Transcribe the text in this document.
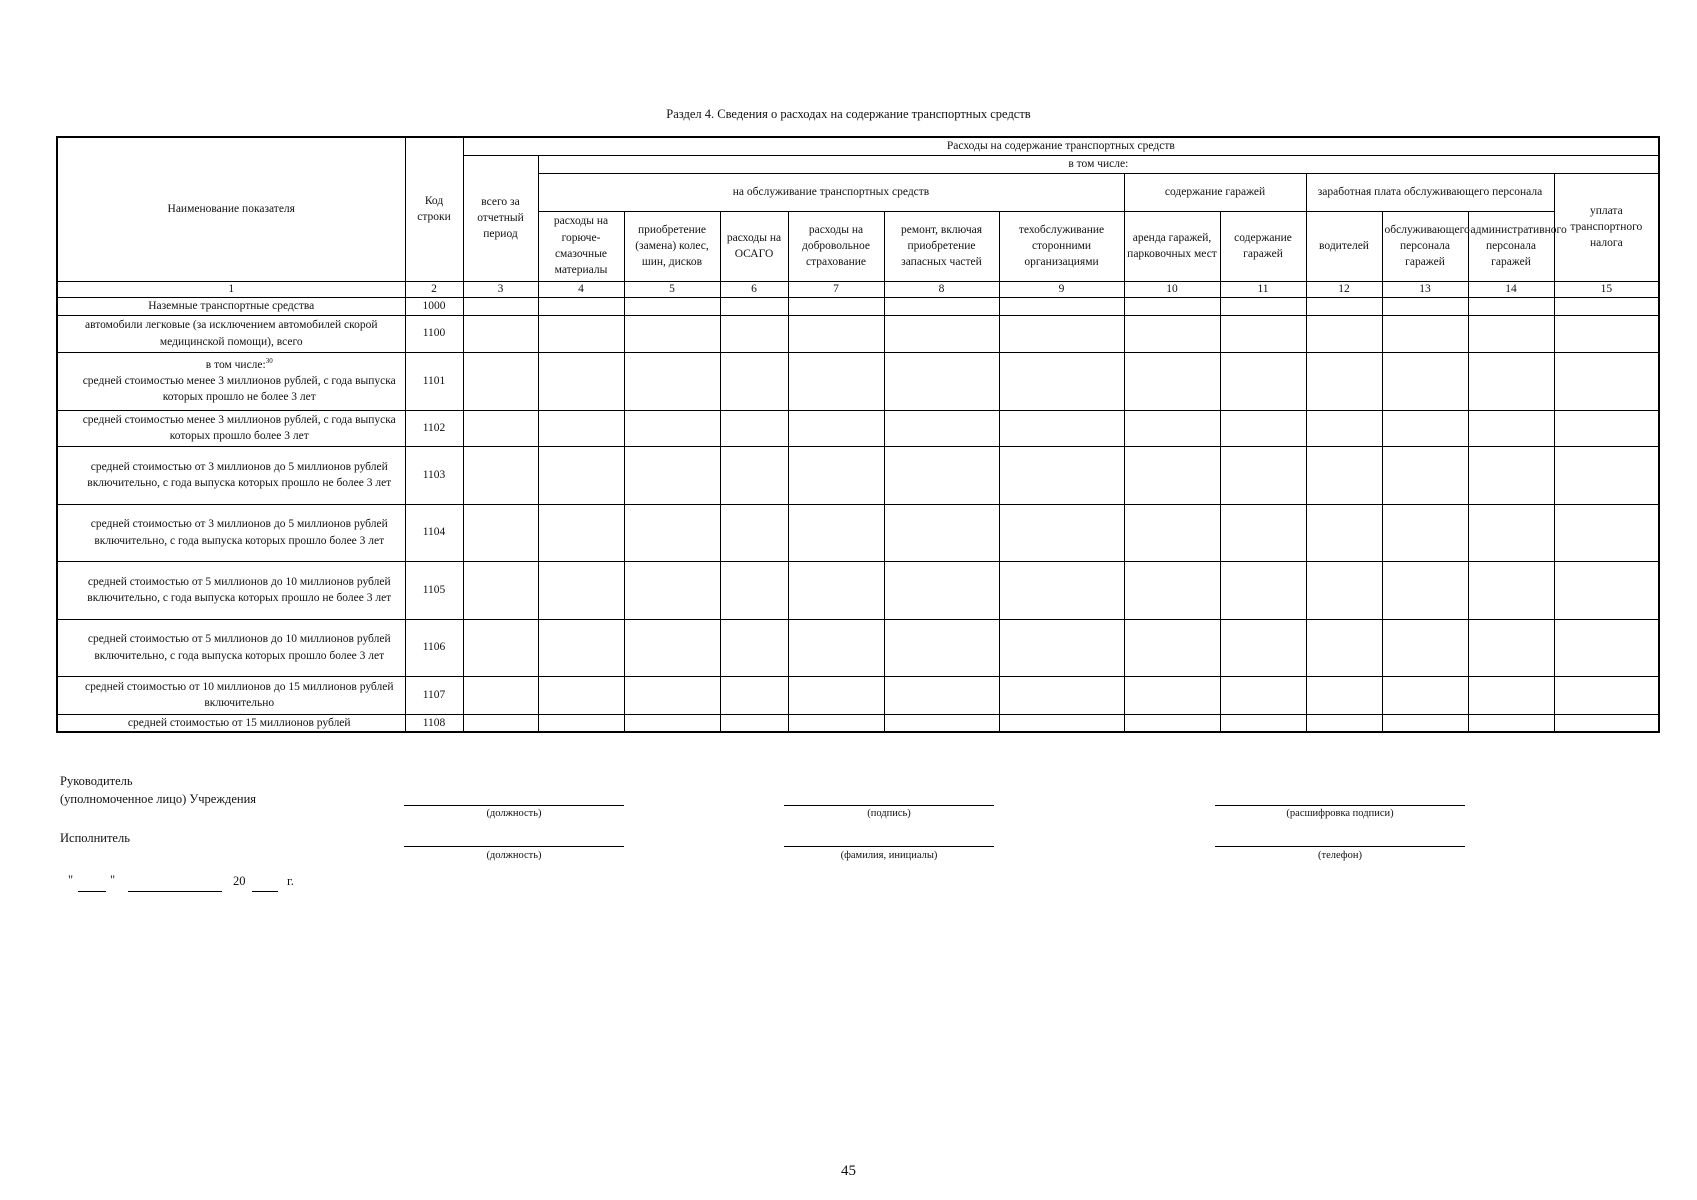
Раздел 4. Сведения о расходах на содержание транспортных средств
Наименование показателя	Код строки	Расходы на содержание транспортных средств												
		всего за отчетный период	в том числе:											
			на обслуживание транспортных средств						содержание гаражей		заработная плата обслуживающего персонала			уплата транспортного налога
			расходы на горюче-смазочные материалы	приобретение (замена) колес, шин, дисков	расходы на ОСАГО	расходы на добровольное страхование	ремонт, включая приобретение запасных частей	техобслуживание сторонними организациями	аренда гаражей, парковочных мест	содержание гаражей	водителей	обслуживающего персонала гаражей	административного персонала гаражей	
1	2	3	4	5	6	7	8	9	10	11	12	13	14	15
Наземные транспортные средства	1000													
автомобили легковые (за исключением автомобилей скорой медицинской помощи), всего	1100													
в том числе:$^{30}$
средней стоимостью менее 3 миллионов рублей, с года выпуска которых прошло не более 3 лет	1101													
средней стоимостью менее 3 миллионов рублей, с года выпуска которых прошло более 3 лет	1102													
средней стоимостью от 3 миллионов до 5 миллионов рублей включительно, с года выпуска которых прошло не более 3 лет	1103													
средней стоимостью от 3 миллионов до 5 миллионов рублей включительно, с года выпуска которых прошло более 3 лет	1104													
средней стоимостью от 5 миллионов до 10 миллионов рублей включительно, с года выпуска которых прошло не более 3 лет	1105													
средней стоимостью от 5 миллионов до 10 миллионов рублей включительно, с года выпуска которых прошло более 3 лет	1106													
средней стоимостью от 10 миллионов до 15 миллионов рублей включительно	1107													
средней стоимостью от 15 миллионов рублей	1108													
Руководитель
(уполномоченное лицо) Учреждения
(должность)	(подпись)	(расшифровка подписи)
Исполнитель
(должность)	(фамилия, инициалы)	(телефон)
"	"	20	г.
45
